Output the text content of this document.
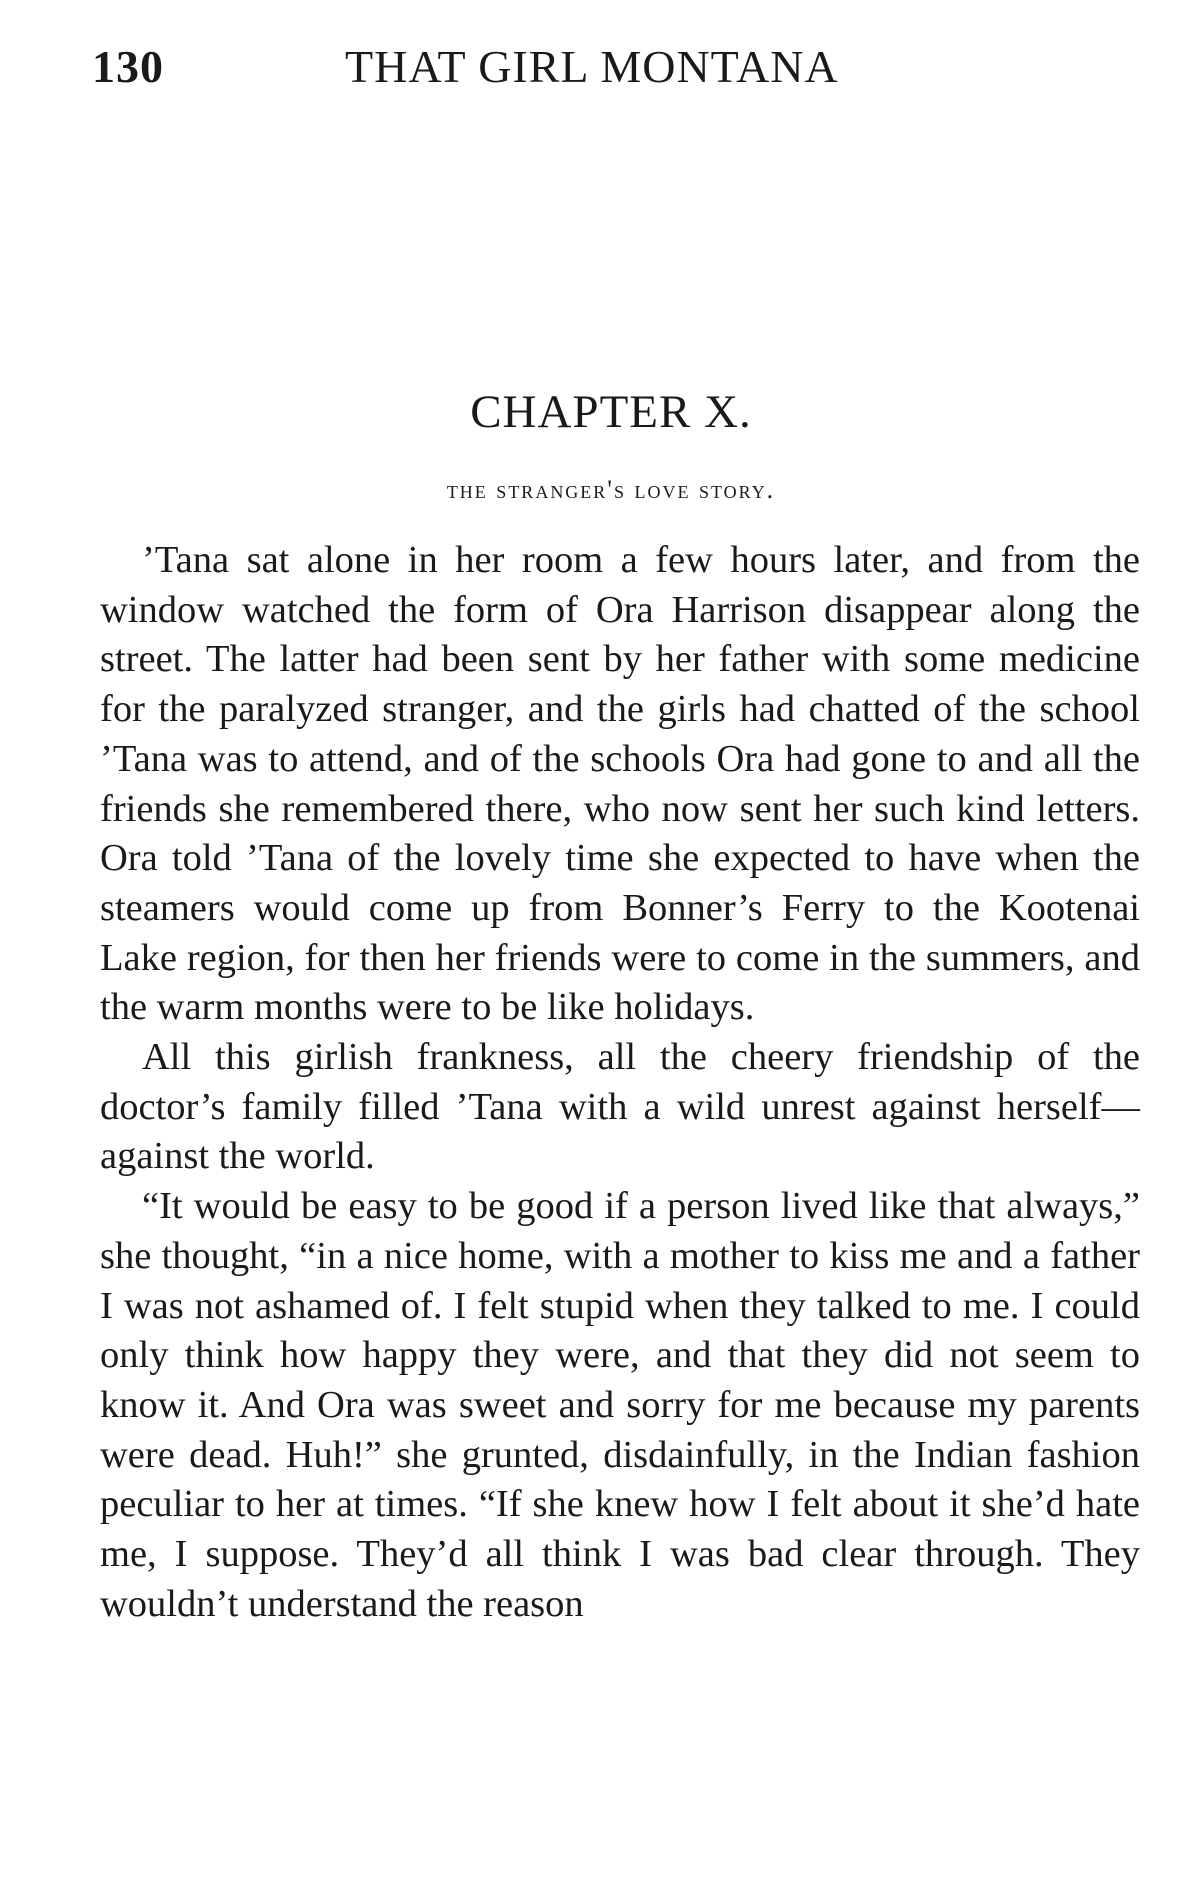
130	THAT GIRL MONTANA
CHAPTER X.
the stranger's love story.

’Tana sat alone in her room a few hours later, and from the window watched the form of Ora Harrison disappear along the street. The latter had been sent by her father with some medicine for the paralyzed stranger, and the girls had chatted of the school ’Tana was to attend, and of the schools Ora had gone to and all the friends she remembered there, who now sent her such kind letters. Ora told ’Tana of the lovely time she expected to have when the steamers would come up from Bonner’s Ferry to the Kootenai Lake region, for then her friends were to come in the summers, and the warm months were to be like holidays.

All this girlish frankness, all the cheery friendship of the doctor’s family filled ’Tana with a wild unrest against herself—against the world.

“It would be easy to be good if a person lived like that always,” she thought, “in a nice home, with a mother to kiss me and a father I was not ashamed of. I felt stupid when they talked to me. I could only think how happy they were, and that they did not seem to know it. And Ora was sweet and sorry for me because my parents were dead. Huh!” she grunted, disdainfully, in the Indian fashion peculiar to her at times. “If she knew how I felt about it she’d hate me, I suppose. They’d all think I was bad clear through. They wouldn’t understand the reason
